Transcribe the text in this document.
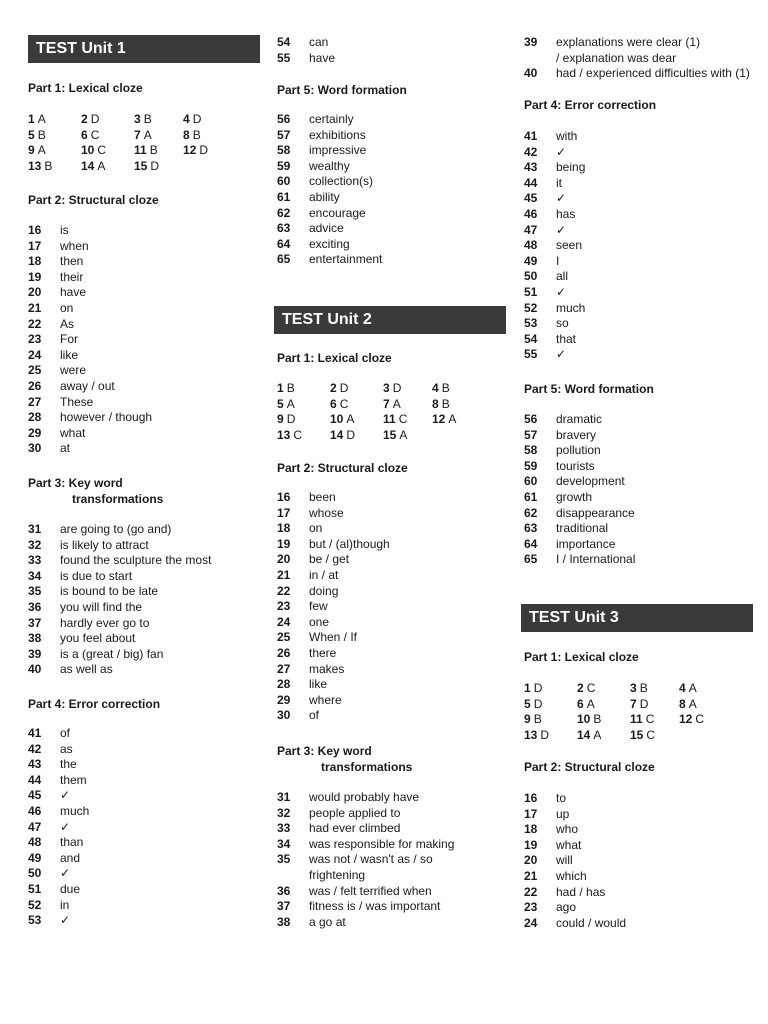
TEST Unit 1
Part 1: Lexical cloze
1 A	2 D	3 B	4 D
5 B	6 C	7 A	8 B
9 A	10 C 11 B 12 D
13 B 14 A 15 D
Part 2: Structural cloze
16 is
17 when
18 then
19 their
20 have
21 on
22 As
23 For
24 like
25 were
26 away / out
27 These
28 however / though
29 what
30 at
Part 3: Key word
transformations
31 are going to (go and)
32 is likely to attract
33 found the sculpture the most
34 is due to start
35 is bound to be late
36 you will find the
37 hardly ever go to
38 you feel about
39 is a (great / big) fan
40 as well as
Part 4: Error correction
41 of
42 as
43 the
44 them
45 ✓
46 much
47 ✓
48 than
49 and
50 ✓
51 due
52 in
53 ✓
54 can
55 have
Part 5: Word formation
56 certainly
57 exhibitions
58 impressive
59 wealthy
60 collection(s)
61 ability
62 encourage
63 advice
64 exciting
65 entertainment
TEST Unit 2
Part 1: Lexical cloze
1 B	2 D	3 D	4 B
5 A	6 C	7 A	8 B
9 D	10 A 11 C 12 A
13 C 14 D 15 A
Part 2: Structural cloze
16 been
17 whose
18 on
19 but / (al)though
20 be / get
21 in / at
22 doing
23 few
24 one
25 When / If
26 there
27 makes
28 like
29 where
30 of
Part 3: Key word
transformations
31 would probably have
32 people applied to
33 had ever climbed
34 was responsible for making
35 was not / wasn't as / so
frightening
36 was / felt terrified when
37 fitness is / was important
38 a go at
39 explanations were clear (1)
/ explanation was dear
40 had / experienced difficulties with (1)
Part 4: Error correction
41 with
42 ✓
43 being
44 it
45 ✓
46 has
47 ✓
48 seen
49 I
50 all
51 ✓
52 much
53 so
54 that
55 ✓
Part 5: Word formation
56 dramatic
57 bravery
58 pollution
59 tourists
60 development
61 growth
62 disappearance
63 traditional
64 importance
65 I / International
TEST Unit 3
Part 1: Lexical cloze
1 D	2 C	3 B	4 A
5 D	6 A	7 D	8 A
9 B	10 B 11 C 12 C
13 D 14 A 15 C
Part 2: Structural cloze
16 to
17 up
18 who
19 what
20 will
21 which
22 had / has
23 ago
24 could / would
